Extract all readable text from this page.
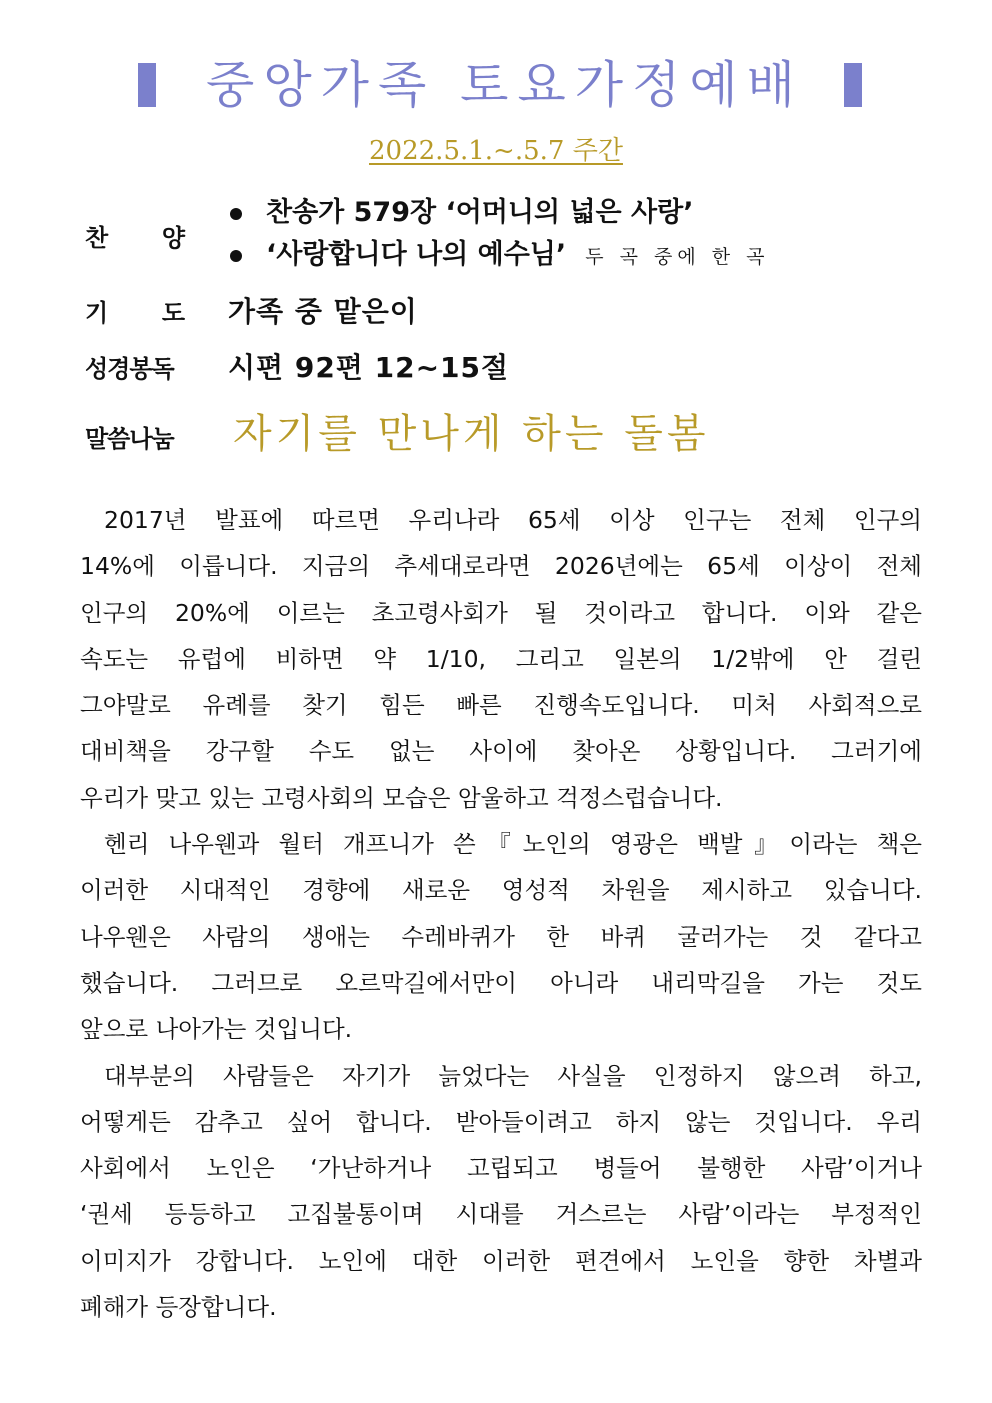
중앙가족 토요가정예배
2022.5.1.~.5.7 주간
찬 양
찬송가 579장 ‘어머니의 넓은 사랑’
‘사랑합니다 나의 예수님’ 두 곡 중에 한 곡
기 도 가족 중 맡은이
성경봉독	시편 92편 12~15절
말씀나눔 자기를 만나게 하는 돌봄
2017년 발표에 따르면 우리나라 65세 이상 인구는 전체 인구의
14%에 이릅니다. 지금의 추세대로라면 2026년에는 65세 이상이 전체
인구의 20%에 이르는 초고령사회가 될 것이라고 합니다. 이와 같은
속도는 유럽에 비하면 약 1/10, 그리고 일본의 1/2밖에 안 걸린
그야말로 유례를 찾기 힘든 빠른 진행속도입니다. 미처 사회적으로
대비책을 강구할 수도 없는 사이에 찾아온 상황입니다. 그러기에
우리가 맞고 있는 고령사회의 모습은 암울하고 걱정스럽습니다.
헨리 나우웬과 월터 개프니가 쓴『노인의 영광은 백발』이라는 책은
이러한 시대적인 경향에 새로운 영성적 차원을 제시하고 있습니다.
나우웬은 사람의 생애는 수레바퀴가 한 바퀴 굴러가는 것 같다고
했습니다. 그러므로 오르막길에서만이 아니라 내리막길을 가는 것도
앞으로 나아가는 것입니다.
대부분의 사람들은 자기가 늙었다는 사실을 인정하지 않으려 하고,
어떻게든 감추고 싶어 합니다. 받아들이려고 하지 않는 것입니다. 우리
사회에서 노인은 ‘가난하거나 고립되고 병들어 불행한 사람’이거나
‘권세 등등하고 고집불통이며 시대를 거스르는 사람’이라는 부정적인
이미지가 강합니다. 노인에 대한 이러한 편견에서 노인을 향한 차별과
폐해가 등장합니다.
